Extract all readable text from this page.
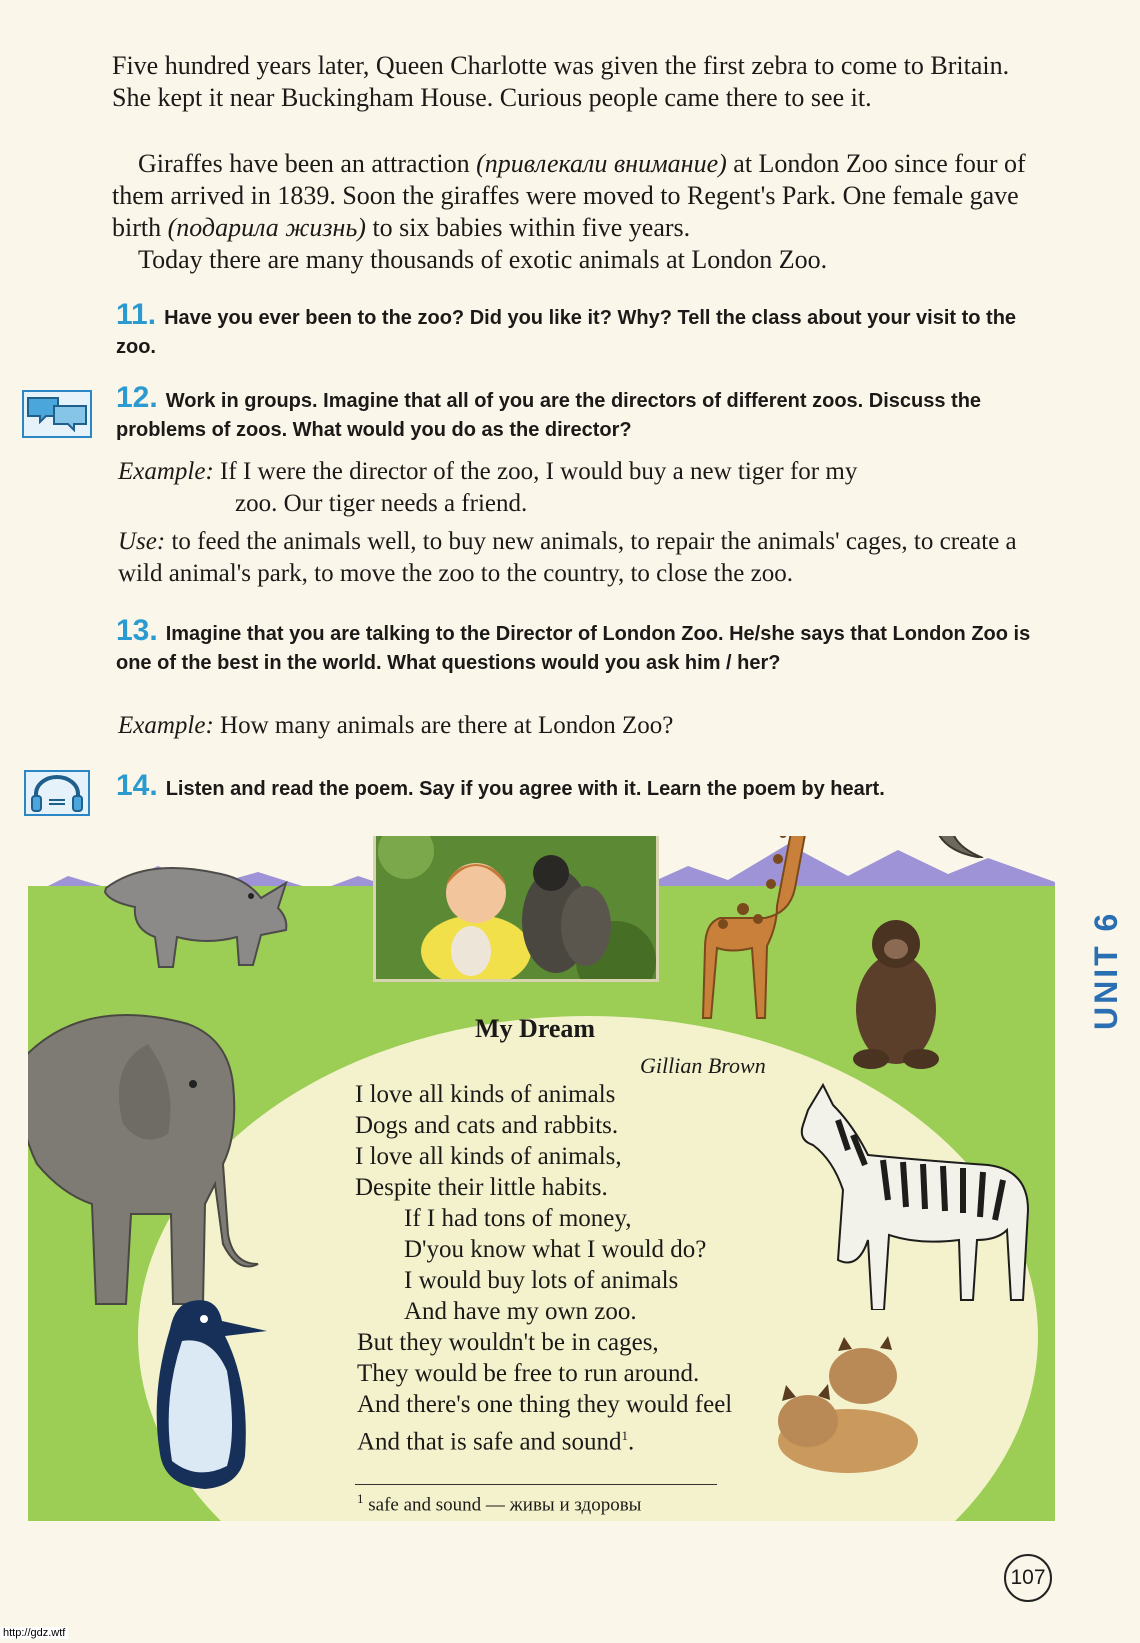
Five hundred years later, Queen Charlotte was given the first zebra to come to Britain. She kept it near Buckingham House. Curious people came there to see it.

Giraffes have been an attraction (привлекали внимание) at London Zoo since four of them arrived in 1839. Soon the giraffes were moved to Regent's Park. One female gave birth (подарила жизнь) to six babies within five years.

Today there are many thousands of exotic animals at London Zoo.

11. Have you ever been to the zoo? Did you like it? Why? Tell the class about your visit to the zoo.

12. Work in groups. Imagine that all of you are the directors of different zoos. Discuss the problems of zoos. What would you do as the director?

Example: If I were the director of the zoo, I would buy a new tiger for my

zoo. Our tiger needs a friend.

Use: to feed the animals well, to buy new animals, to repair the animals' cages, to create a wild animal's park, to move the zoo to the country, to close the zoo.

13. Imagine that you are talking to the Director of London Zoo. He/she says that London Zoo is one of the best in the world. What questions would you ask him / her?

Example: How many animals are there at London Zoo?

14. Listen and read the poem. Say if you agree with it. Learn the poem by heart.

My Dream

Gillian Brown

I love all kinds of animals

Dogs and cats and rabbits.

I love all kinds of animals,

Despite their little habits.

If I had tons of money,

D'you know what I would do?

I would buy lots of animals

And have my own zoo.

But they wouldn't be in cages,

They would be free to run around.

And there's one thing they would feel

And that is safe and sound$^1$.

$^1$ safe and sound — живы и здоровы

UNIT 6
107
http://gdz.wtf
